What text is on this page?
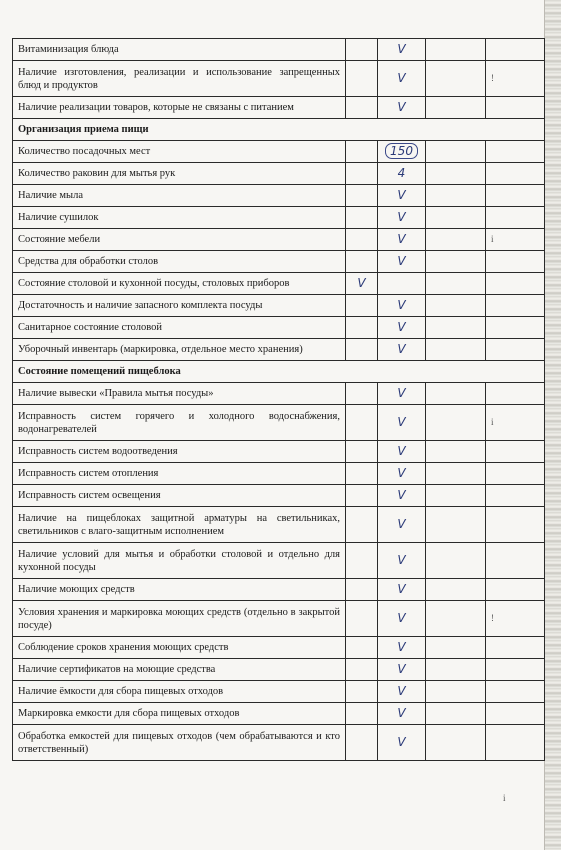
Витаминизация блюда		V		
Наличие изготовления, реализации и использование запрещенных блюд и продуктов		V		!
Наличие реализации товаров, которые не связаны с питанием		V		
Организация приема пищи				
Количество посадочных мест		150		
Количество раковин для мытья рук		4		
Наличие мыла		V		
Наличие сушилок		V		
Состояние мебели		V		i
Средства для обработки столов		V		
Состояние столовой и кухонной посуды, столовых приборов	V			
Достаточность и наличие запасного комплекта посуды		V		
Санитарное состояние столовой		V		
Уборочный инвентарь (маркировка, отдельное место хранения)		V		
Состояние помещений пищеблока				
Наличие вывески «Правила мытья посуды»		V		
Исправность систем горячего и холодного водоснабжения, водонагревателей		V		i
Исправность систем водоотведения		V		
Исправность систем отопления		V		
Исправность систем освещения		V		
Наличие на пищеблоках защитной арматуры на светильниках, светильников с влаго-защитным исполнением		V		
Наличие условий для мытья и обработки столовой и отдельно для кухонной посуды		V		
Наличие моющих средств		V		
Условия хранения и маркировка моющих средств (отдельно в закрытой посуде)		V		!
Соблюдение сроков хранения моющих средств		V		
Наличие сертификатов на моющие средства		V		
Наличие ёмкости для сбора пищевых отходов		V		
Маркировка емкости для сбора пищевых отходов		V		
Обработка емкостей для пищевых отходов (чем обрабатываются и кто ответственный)		V		
i
